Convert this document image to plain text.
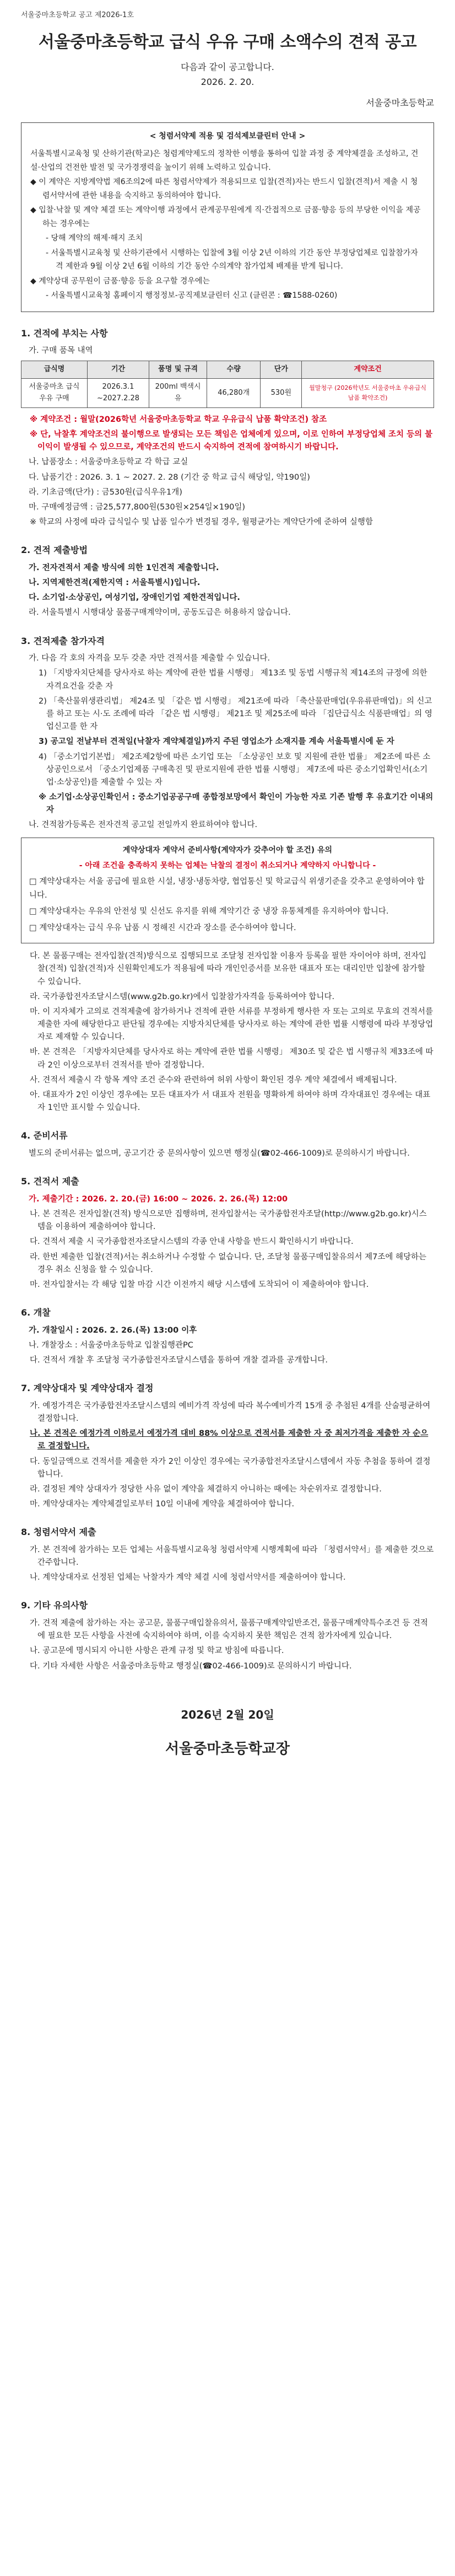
서울중마초등학교 공고 제2026-1호
서울중마초등학교 급식 우유 구매 소액수의 견적 공고
다음과 같이 공고합니다.
2026. 2. 20.
서울중마초등학교
< 청렴서약제 적용 및 검석제보클린터 안내 >

서울특별시교육청 및 산하기관(학교)은 청렴계약제도의 정착한 이행을 통하여 입찰 과정 중 계약체결을 조성하고, 건설·산업의 건전한 발전 및 국가경쟁력을 높이기 위해 노력하고 있습니다.

◆ 이 계약은 지방계약법 제6조의2에 따른 청렴서약제가 적용되므로 입찰(견적)자는 반드시 입찰(견적)서 제출 시 청렴서약서에 관한 내용을 숙지하고 동의하여야 합니다.

◆ 입찰·낙찰 및 계약 체결 또는 계약이행 과정에서 관계공무원에게 직·간접적으로 금품·향응 등의 부당한 이익을 제공하는 경우에는

- 당해 계약의 해제·해지 조치

- 서울특별시교육청 및 산하기관에서 시행하는 입찰에 3월 이상 2년 이하의 기간 동안 부정당업체로 입찰참가자격 제한과 9월 이상 2년 6월 이하의 기간 동안 수의계약 참가업체 배제를 받게 됩니다.

◆ 계약상대 공무원이 금품·향응 등을 요구할 경우에는

- 서울특별시교육청 홈페이지 행정정보-공직제보클린터 신고 (클린콘 : ☎1588-0260)

1. 견적에 부치는 사항
가. 구매 품목 내역
급식명	기간	품명 및 규격	수량	단가	계약조건
서울중마초 급식 우유 구매	2026.3.1 ~2027.2.28	200ml 백색시유	46,280개	530원	월말청구 (2026학년도 서울중마초 우유급식 납품 확약조건)
※ 계약조건 : 월말(2026학년 서울중마초등학교 학교 우유급식 납품 확약조건) 참조
※ 단, 낙찰후 계약조건의 불이행으로 발생되는 모든 책임은 업체에게 있으며, 이로 인하여 부정당업체 조치 등의 불이익이 발생될 수 있으므로, 계약조건의 반드시 숙지하여 견적에 참여하시기 바랍니다.
나. 납품장소 : 서울중마초등학교 각 학급 교실
다. 납품기간 : 2026. 3. 1 ~ 2027. 2. 28 (기간 중 학교 급식 해당일, 약190일)
라. 기초금액(단가) : 금530원(급식우유1개)
마. 구매예정금액 : 금25,577,800원(530원×254일×190일)
※ 학교의 사정에 따라 급식일수 및 납품 일수가 변경될 경우, 월평균가는 계약단가에 준하여 실행함
2. 견적 제출방법
가. 전자견적서 제출 방식에 의한 1인견적 제출합니다.
나. 지역제한견적(제한지역 : 서울특별시)입니다.
다. 소기업·소상공인, 여성기업, 장애인기업 제한견적입니다.
라. 서울특별시 시행대상 물품구매계약이며, 공동도급은 허용하지 않습니다.
3. 견적제출 참가자격
가. 다음 각 호의 자격을 모두 갖춘 자만 견적서를 제출할 수 있습니다.
1) 「지방자치단체를 당사자로 하는 계약에 관한 법률 시행령」 제13조 및 동법 시행규칙 제14조의 규정에 의한 자격요건을 갖춘 자
2) 「축산물위생관리법」 제24조 및 「같은 법 시행령」 제21조에 따라 「축산물판매업(우유류판매업)」의 신고를 하고 또는 시·도 조례에 따라 「같은 법 시행령」 제21조 및 제25조에 따라 「집단급식소 식품판매업」의 영업신고를 한 자
3) 공고일 전날부터 견적일(낙찰자 계약체결일)까지 주된 영업소가 소재지를 계속 서울특별시에 둔 자
4) 「중소기업기본법」 제2조제2항에 따른 소기업 또는 「소상공인 보호 및 지원에 관한 법률」 제2조에 따른 소상공인으로서 「중소기업제품 구매촉진 및 판로지원에 관한 법률 시행령」 제7조에 따른 중소기업확인서(소기업·소상공인)를 제출할 수 있는 자
※ 소기업·소상공인확인서 : 중소기업공공구매 종합정보망에서 확인이 가능한 자로 기존 발행 후 유효기간 이내의 자
나. 견적참가등록은 전자견적 공고일 전일까지 완료하여야 합니다.
계약상대자 계약서 준비사항(계약자가 갖추어야 할 조건) 유의
- 아래 조건을 충족하지 못하는 업체는 낙찰의 결정이 취소되거나 계약하지 아니합니다 -
□ 계약상대자는 서울 공급에 필요한 시설, 냉장·냉동차량, 협업통신 및 학교급식 위생기준을 갖추고 운영하여야 합니다.
□ 계약상대자는 우유의 안전성 및 신선도 유지를 위해 계약기간 중 냉장 유통체계를 유지하여야 합니다.
□ 계약상대자는 급식 우유 납품 시 정해진 시간과 장소를 준수하여야 합니다.
다. 본 물품구매는 전자입찰(견적)방식으로 집행되므로 조달청 전자입찰 이용자 등록을 필한 자이어야 하며, 전자입찰(견적) 입찰(견적)자 신원확인제도가 적용됨에 따라 개인인증서를 보유한 대표자 또는 대리인만 입찰에 참가할 수 있습니다.
라. 국가종합전자조달시스템(www.g2b.go.kr)에서 입찰참가자격을 등록하여야 합니다.
마. 이 지자체가 고의로 견적제출에 참가하거나 견적에 관한 서류를 부정하게 행사한 자 또는 고의로 무효의 견적서를 제출한 자에 해당한다고 판단될 경우에는 지방자치단체를 당사자로 하는 계약에 관한 법률 시행령에 따라 부정당업자로 제재할 수 있습니다.
바. 본 견적은 「지방자치단체를 당사자로 하는 계약에 관한 법률 시행령」 제30조 및 같은 법 시행규칙 제33조에 따라 2인 이상으로부터 견적서를 받아 결정합니다.
사. 견적서 제출시 각 항목 계약 조건 준수와 관련하여 허위 사항이 확인된 경우 계약 체결에서 배제됩니다.
아. 대표자가 2인 이상인 경우에는 모든 대표자가 서 대표자 전원을 명확하게 하여야 하며 각자대표인 경우에는 대표자 1인만 표시할 수 있습니다.
4. 준비서류
별도의 준비서류는 없으며, 공고기간 중 문의사항이 있으면 행정실(☎02-466-1009)로 문의하시기 바랍니다.
5. 견적서 제출
가. 제출기간 : 2026. 2. 20.(금) 16:00 ~ 2026. 2. 26.(목) 12:00
나. 본 견적은 전자입찰(견적) 방식으로만 집행하며, 전자입찰서는 국가종합전자조달(http://www.g2b.go.kr)시스템을 이용하여 제출하여야 합니다.
다. 견적서 제출 시 국가종합전자조달시스템의 각종 안내 사항을 반드시 확인하시기 바랍니다.
라. 한번 제출한 입찰(견적)서는 취소하거나 수정할 수 없습니다. 단, 조달청 물품구매입찰유의서 제7조에 해당하는 경우 취소 신청을 할 수 있습니다.
마. 전자입찰서는 각 해당 입찰 마감 시간 이전까지 해당 시스템에 도착되어 이 제출하여야 합니다.
6. 개찰
가. 개찰일시 : 2026. 2. 26.(목) 13:00 이후
나. 개찰장소 : 서울중마초등학교 입찰집행관PC
다. 견적서 개찰 후 조달청 국가종합전자조달시스템을 통하여 개찰 결과를 공개합니다.
7. 계약상대자 및 계약상대자 결정
가. 예정가격은 국가종합전자조달시스템의 예비가격 작성에 따라 복수예비가격 15개 중 추첨된 4개를 산술평균하여 결정합니다.
나. 본 견적은 예정가격 이하로서 예정가격 대비 88% 이상으로 견적서를 제출한 자 중 최저가격을 제출한 자 순으로 결정합니다.
다. 동일금액으로 견적서를 제출한 자가 2인 이상인 경우에는 국가종합전자조달시스템에서 자동 추첨을 통하여 결정합니다.
라. 결정된 계약 상대자가 정당한 사유 없이 계약을 체결하지 아니하는 때에는 차순위자로 결정합니다.
마. 계약상대자는 계약체결일로부터 10일 이내에 계약을 체결하여야 합니다.
8. 청렴서약서 제출
가. 본 견적에 참가하는 모든 업체는 서울특별시교육청 청렴서약제 시행계획에 따라 「청렴서약서」를 제출한 것으로 간주합니다.
나. 계약상대자로 선정된 업체는 낙찰자가 계약 체결 시에 청렴서약서를 제출하여야 합니다.
9. 기타 유의사항
가. 견적 제출에 참가하는 자는 공고문, 물품구매입찰유의서, 물품구매계약일반조건, 물품구매계약특수조건 등 견적에 필요한 모든 사항을 사전에 숙지하여야 하며, 이를 숙지하지 못한 책임은 견적 참가자에게 있습니다.
나. 공고문에 명시되지 아니한 사항은 관계 규정 및 학교 방침에 따릅니다.
다. 기타 자세한 사항은 서울중마초등학교 행정실(☎02-466-1009)로 문의하시기 바랍니다.
2026년 2월 20일
서울중마초등학교장
